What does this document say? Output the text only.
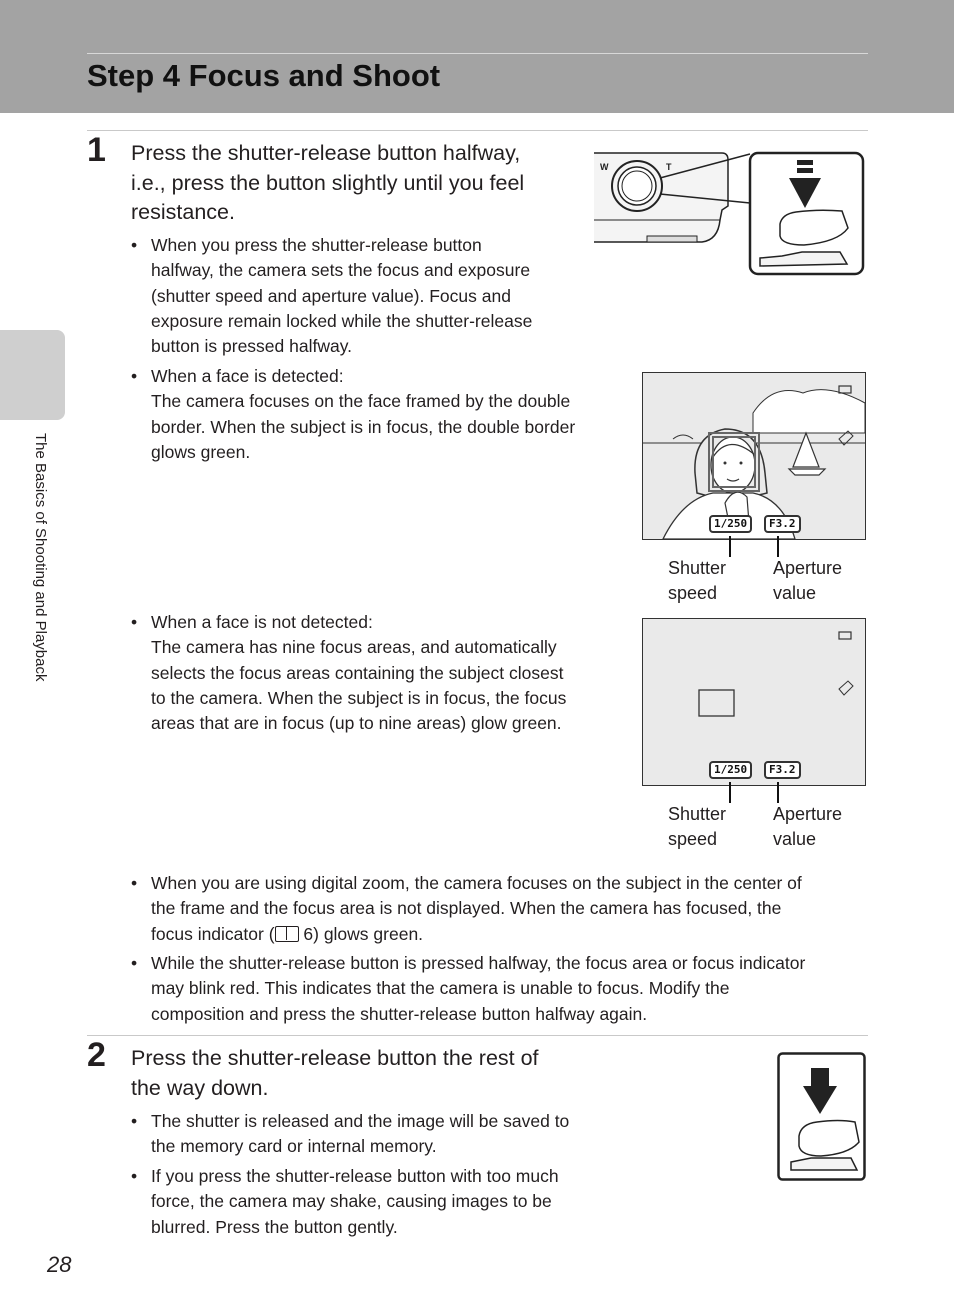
Step 4 Focus and Shoot
The Basics of Shooting and Playback
1 Press the shutter-release button halfway,
i.e., press the button slightly until you feel
resistance.
• When you press the shutter-release button
halfway, the camera sets the focus and exposure
(shutter speed and aperture value). Focus and
exposure remain locked while the shutter-release
button is pressed halfway.
W	T
• When a face is detected:
The camera focuses on the face framed by the double
border. When the subject is in focus, the double border
glows green.
1/250	F3.2
Shutter
speed
Aperture
value
• When a face is not detected:
The camera has nine focus areas, and automatically
selects the focus areas containing the subject closest
to the camera. When the subject is in focus, the focus
areas that are in focus (up to nine areas) glow green.
1/250	F3.2
Shutter
speed
Aperture
value
• When you are using digital zoom, the camera focuses on the subject in the center of
the frame and the focus area is not displayed. When the camera has focused, the
focus indicator ( 6) glows green.
• While the shutter-release button is pressed halfway, the focus area or focus indicator
may blink red. This indicates that the camera is unable to focus. Modify the
composition and press the shutter-release button halfway again.
2 Press the shutter-release button the rest of
the way down.
• The shutter is released and the image will be saved to
the memory card or internal memory.
• If you press the shutter-release button with too much
force, the camera may shake, causing images to be
blurred. Press the button gently.
28
